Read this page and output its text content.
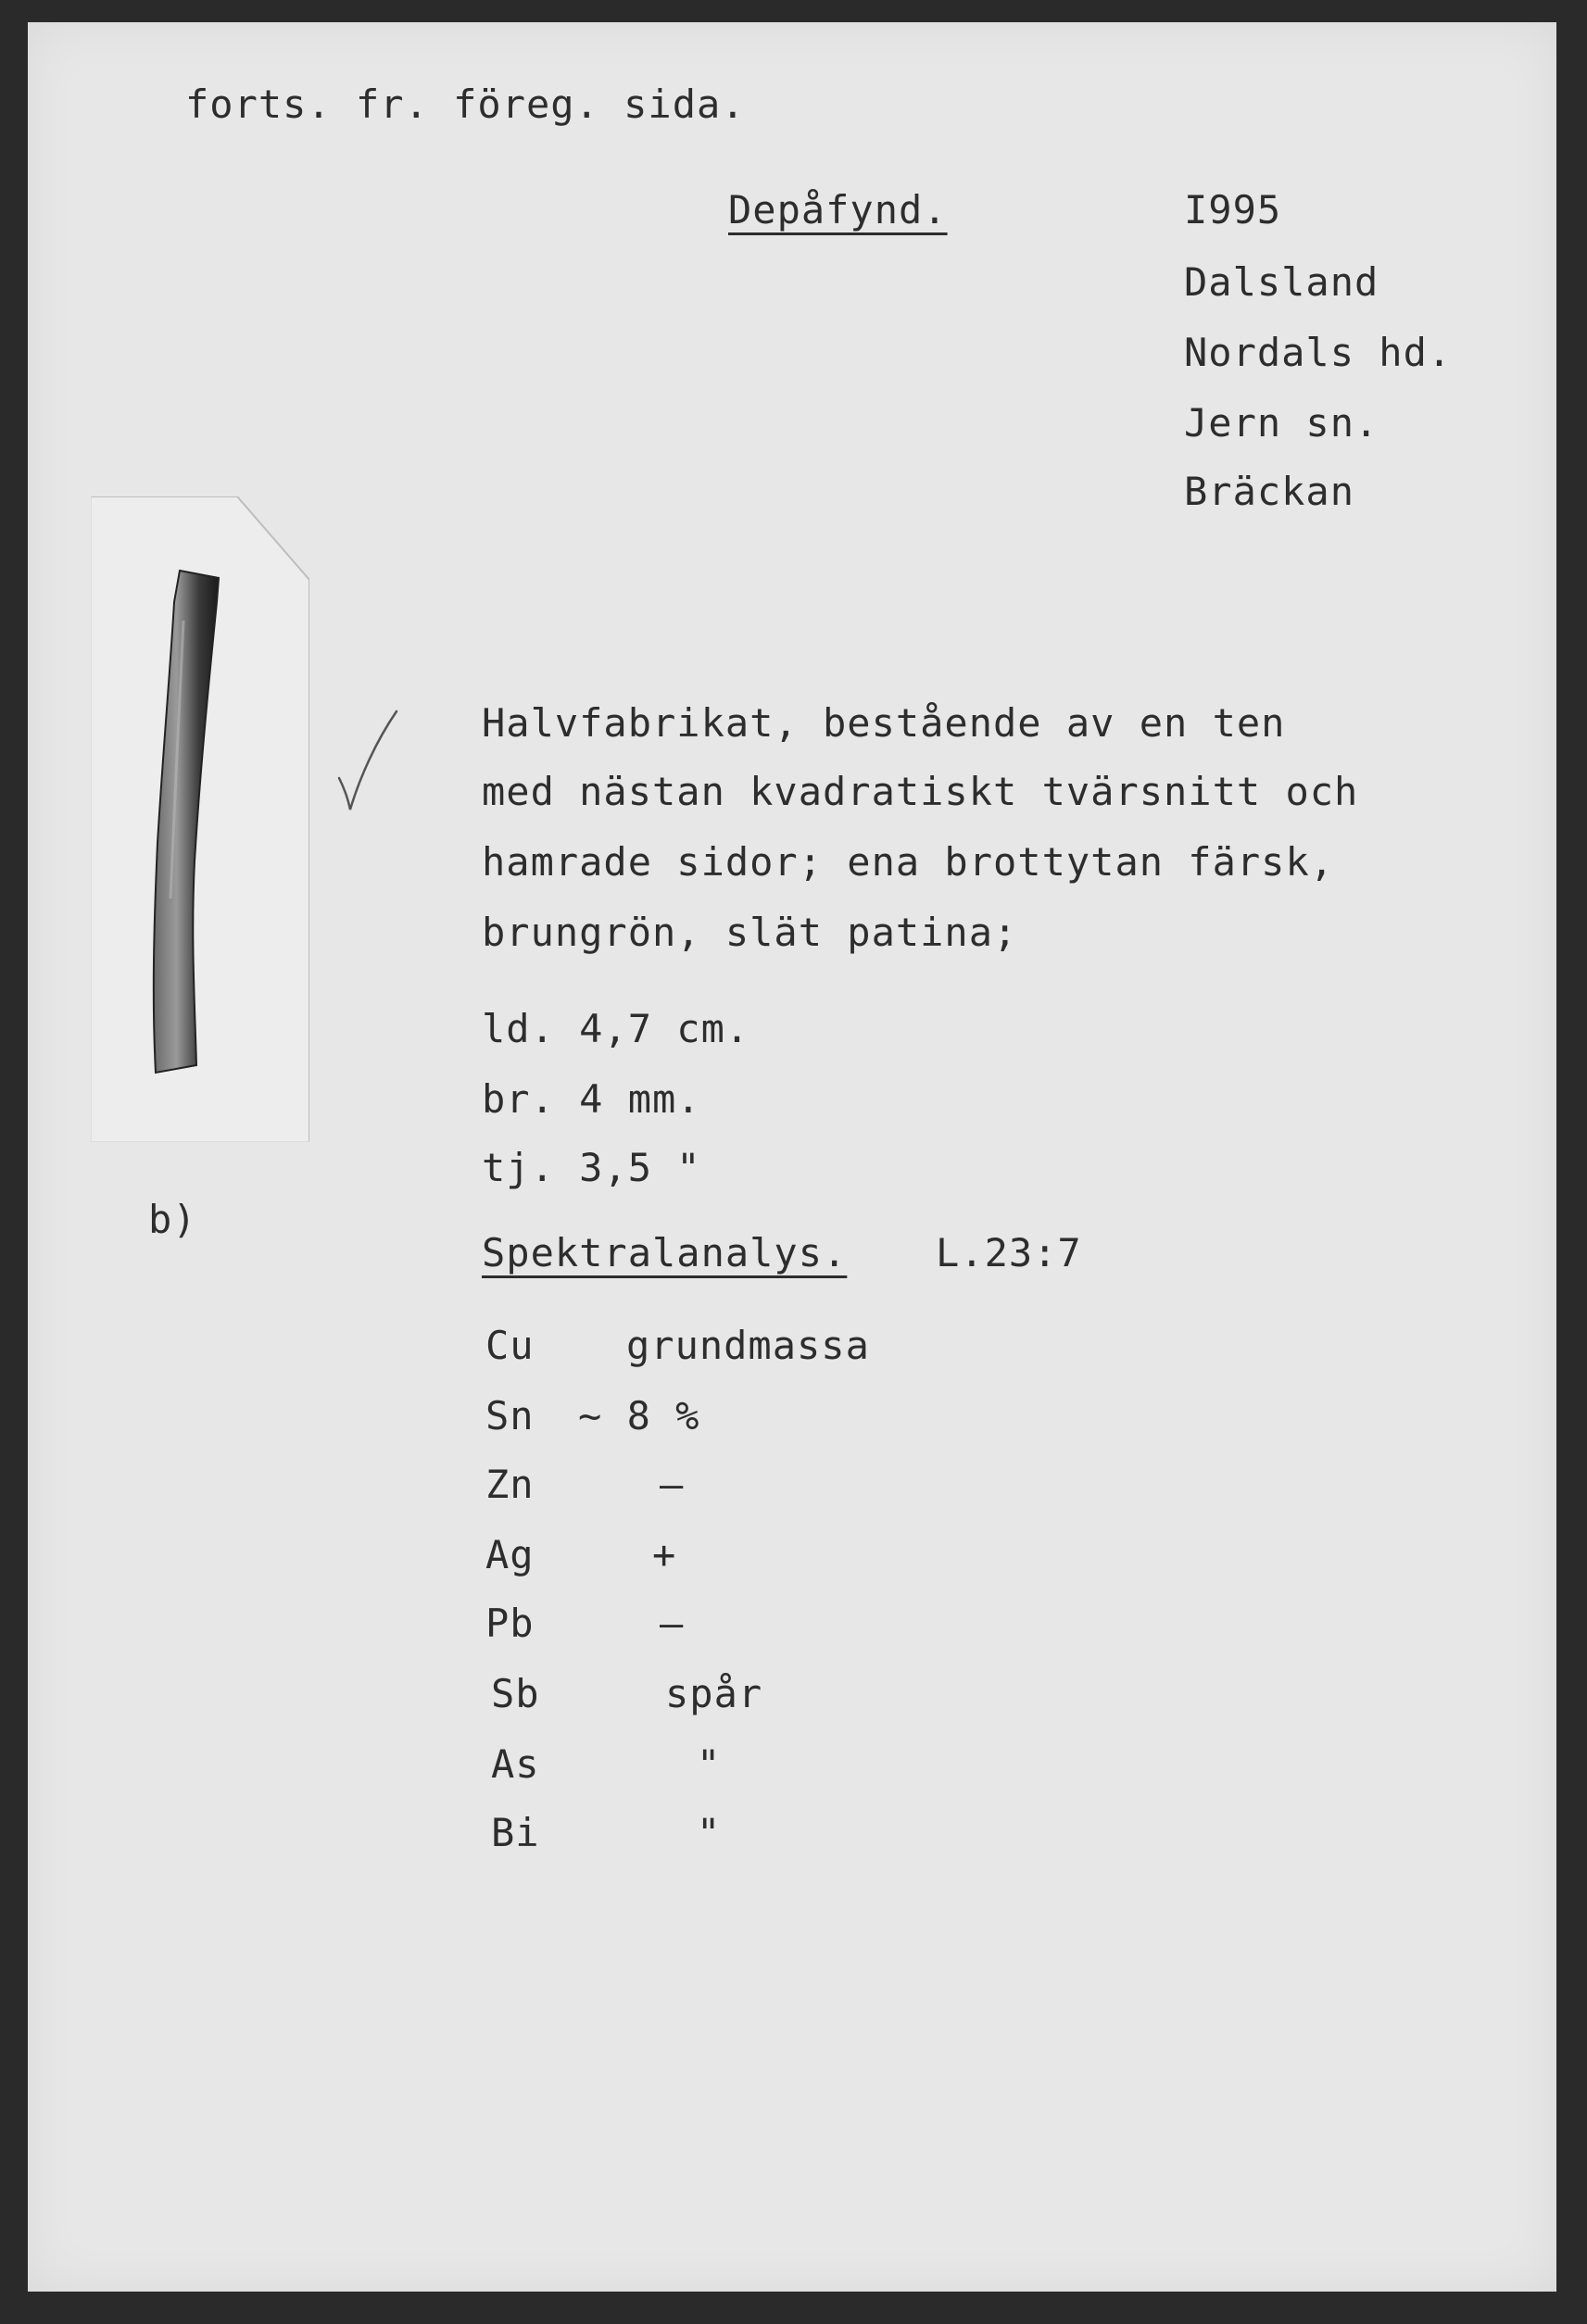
forts. fr. föreg. sida.
Depåfynd.	I995
Dalsland
Nordals hd.
Jern sn.
Bräckan
Halvfabrikat, bestående av en ten
med nästan kvadratiskt tvärsnitt och
hamrade sidor; ena brottytan färsk,
brungrön, slät patina;
ld. 4,7 cm.
br. 4 mm.
tj. 3,5 "
b)
Spektralanalys. L.23:7
Cu grundmassa
Sn ~ 8 %
Zn	—
Ag	+
Pb	—
Sb	spår
As	"
Bi	"
